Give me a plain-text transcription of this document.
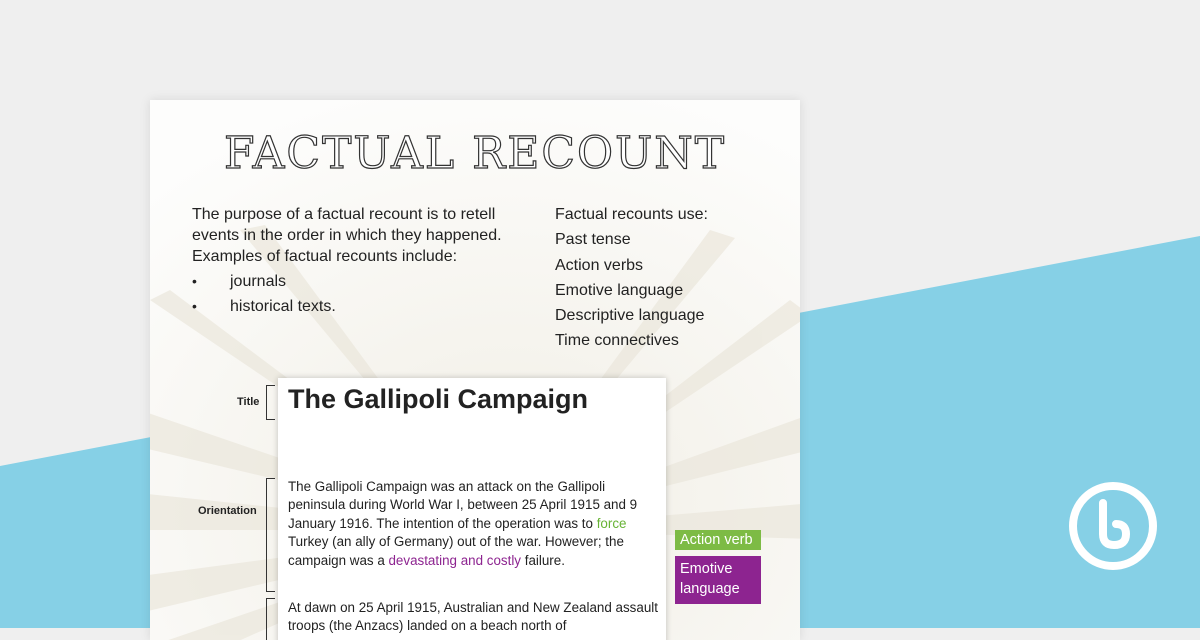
FACTUAL RECOUNT

The purpose of a factual recount is to retell events in the order in which they happened. Examples of factual recounts include:

• journals
• historical texts.
Factual recounts use:
Past tense
Action verbs
Emotive language
Descriptive language
Time connectives
Title
Orientation
The Gallipoli Campaign

The Gallipoli Campaign was an attack on the Gallipoli peninsula during World War I, between 25 April 1915 and 9 January 1916. The intention of the operation was to force Turkey (an ally of Germany) out of the war. However; the campaign was a devastating and costly failure.

At dawn on 25 April 1915, Australian and New Zealand assault troops (the Anzacs) landed on a beach north of

Action verb
Emotive language
